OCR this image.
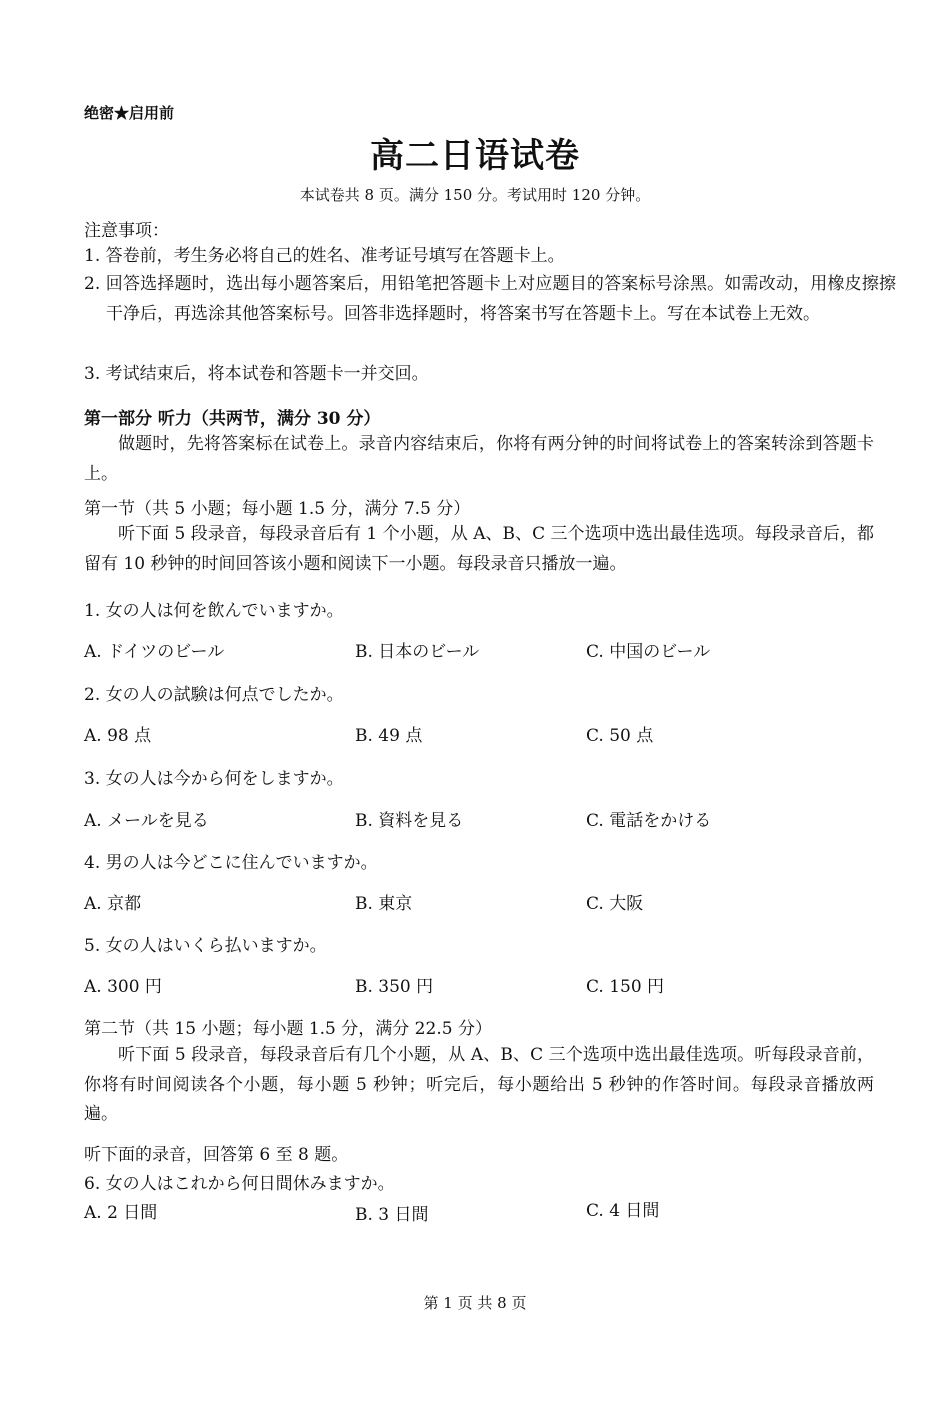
绝密★启用前
高二日语试卷
本试卷共 8 页。满分 150 分。考试用时 120 分钟。
注意事项：
1. 答卷前，考生务必将自己的姓名、准考证号填写在答题卡上。
2. 回答选择题时，选出每小题答案后，用铅笔把答题卡上对应题目的答案标号涂黑。如需改动，用橡皮擦擦干净后，再选涂其他答案标号。回答非选择题时，将答案书写在答题卡上。写在本试卷上无效。
3. 考试结束后，将本试卷和答题卡一并交回。
第一部分 听力（共两节，满分 30 分）
做题时，先将答案标在试卷上。录音内容结束后，你将有两分钟的时间将试卷上的答案转涂到答题卡上。
第一节（共 5 小题；每小题 1.5 分，满分 7.5 分）
听下面 5 段录音，每段录音后有 1 个小题，从 A、B、C 三个选项中选出最佳选项。每段录音后，都留有 10 秒钟的时间回答该小题和阅读下一小题。每段录音只播放一遍。
1. 女の人は何を飲んでいますか。
A. ドイツのビール	B. 日本のビール	C. 中国のビール
2. 女の人の試験は何点でしたか。
A. 98 点	B. 49 点	C. 50 点
3. 女の人は今から何をしますか。
A. メールを見る	B. 資料を見る	C. 電話をかける
4. 男の人は今どこに住んでいますか。
A. 京都	B. 東京	C. 大阪
5. 女の人はいくら払いますか。
A. 300 円	B. 350 円	C. 150 円
第二节（共 15 小题；每小题 1.5 分，满分 22.5 分）
听下面 5 段录音，每段录音后有几个小题，从 A、B、C 三个选项中选出最佳选项。听每段录音前，你将有时间阅读各个小题，每小题 5 秒钟；听完后，每小题给出 5 秒钟的作答时间。每段录音播放两遍。
听下面的录音，回答第 6 至 8 题。
6. 女の人はこれから何日間休みますか。
A. 2 日間	B. 3 日間	C. 4 日間
第 1 页 共 8 页
